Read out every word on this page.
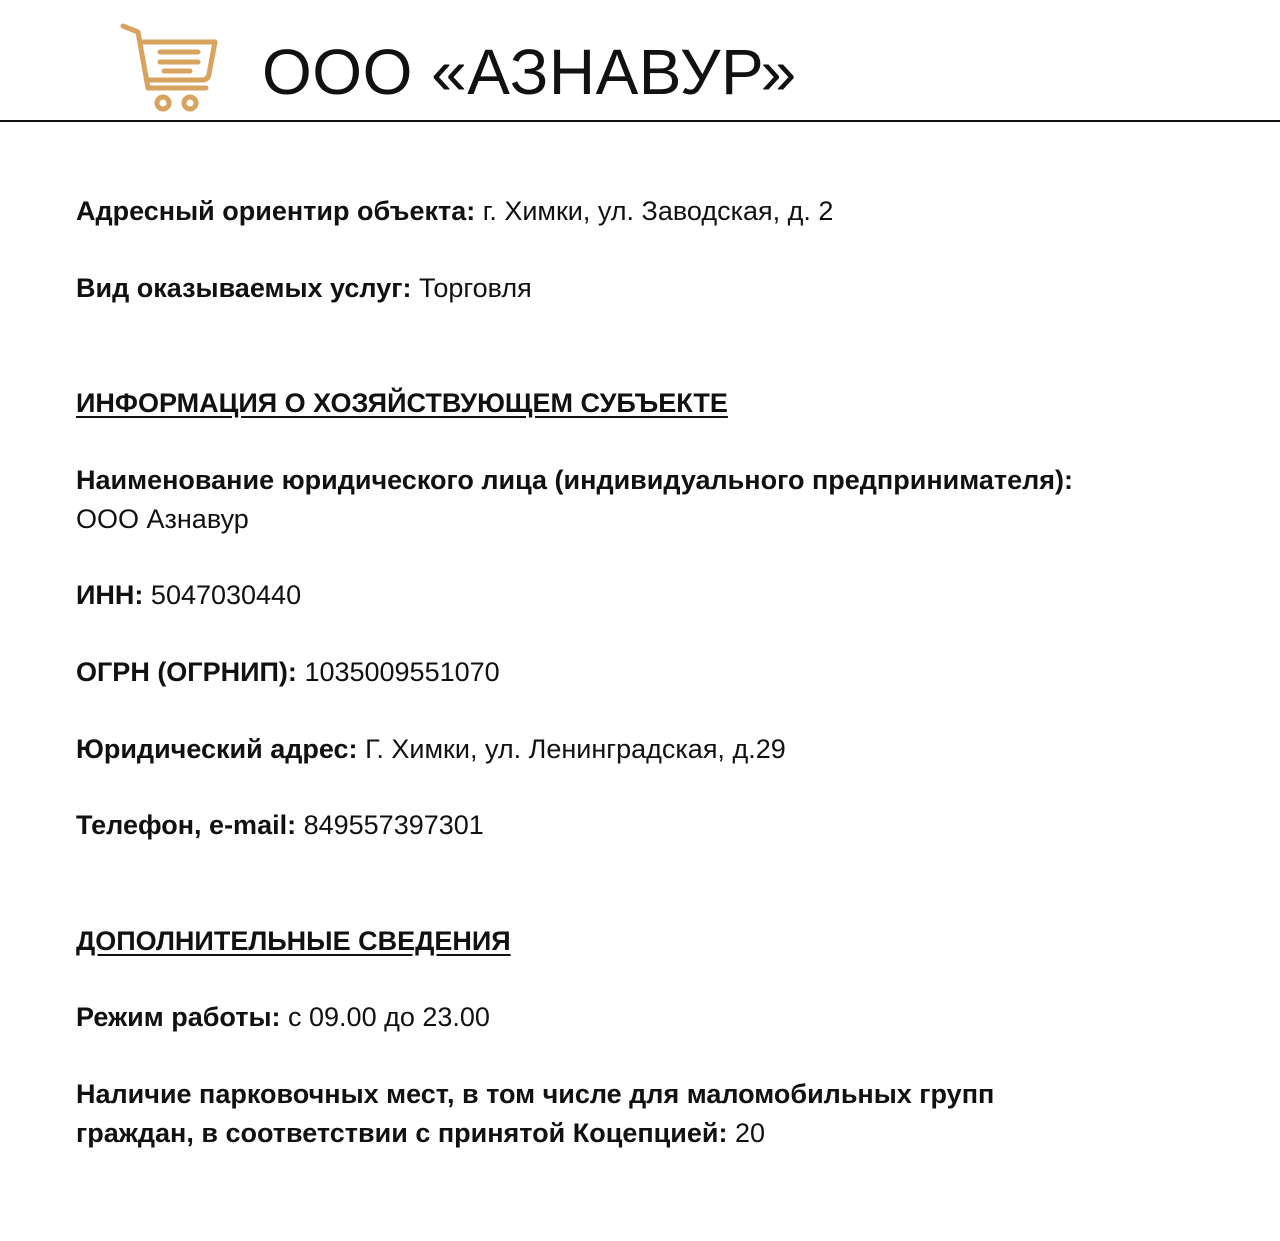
ООО «АЗНАВУР»
Адресный ориентир объекта: г. Химки, ул. Заводская, д. 2
Вид оказываемых услуг: Торговля
ИНФОРМАЦИЯ О ХОЗЯЙСТВУЮЩЕМ СУБЪЕКТЕ
Наименование юридического лица (индивидуального предпринимателя):
ООО Азнавур
ИНН: 5047030440
ОГРН (ОГРНИП): 1035009551070
Юридический адрес: Г. Химки, ул. Ленинградская, д.29
Телефон, e-mail: 849557397301
ДОПОЛНИТЕЛЬНЫЕ СВЕДЕНИЯ
Режим работы: с 09.00 до 23.00
Наличие парковочных мест, в том числе для маломобильных групп
граждан, в соответствии с принятой Коцепцией: 20
